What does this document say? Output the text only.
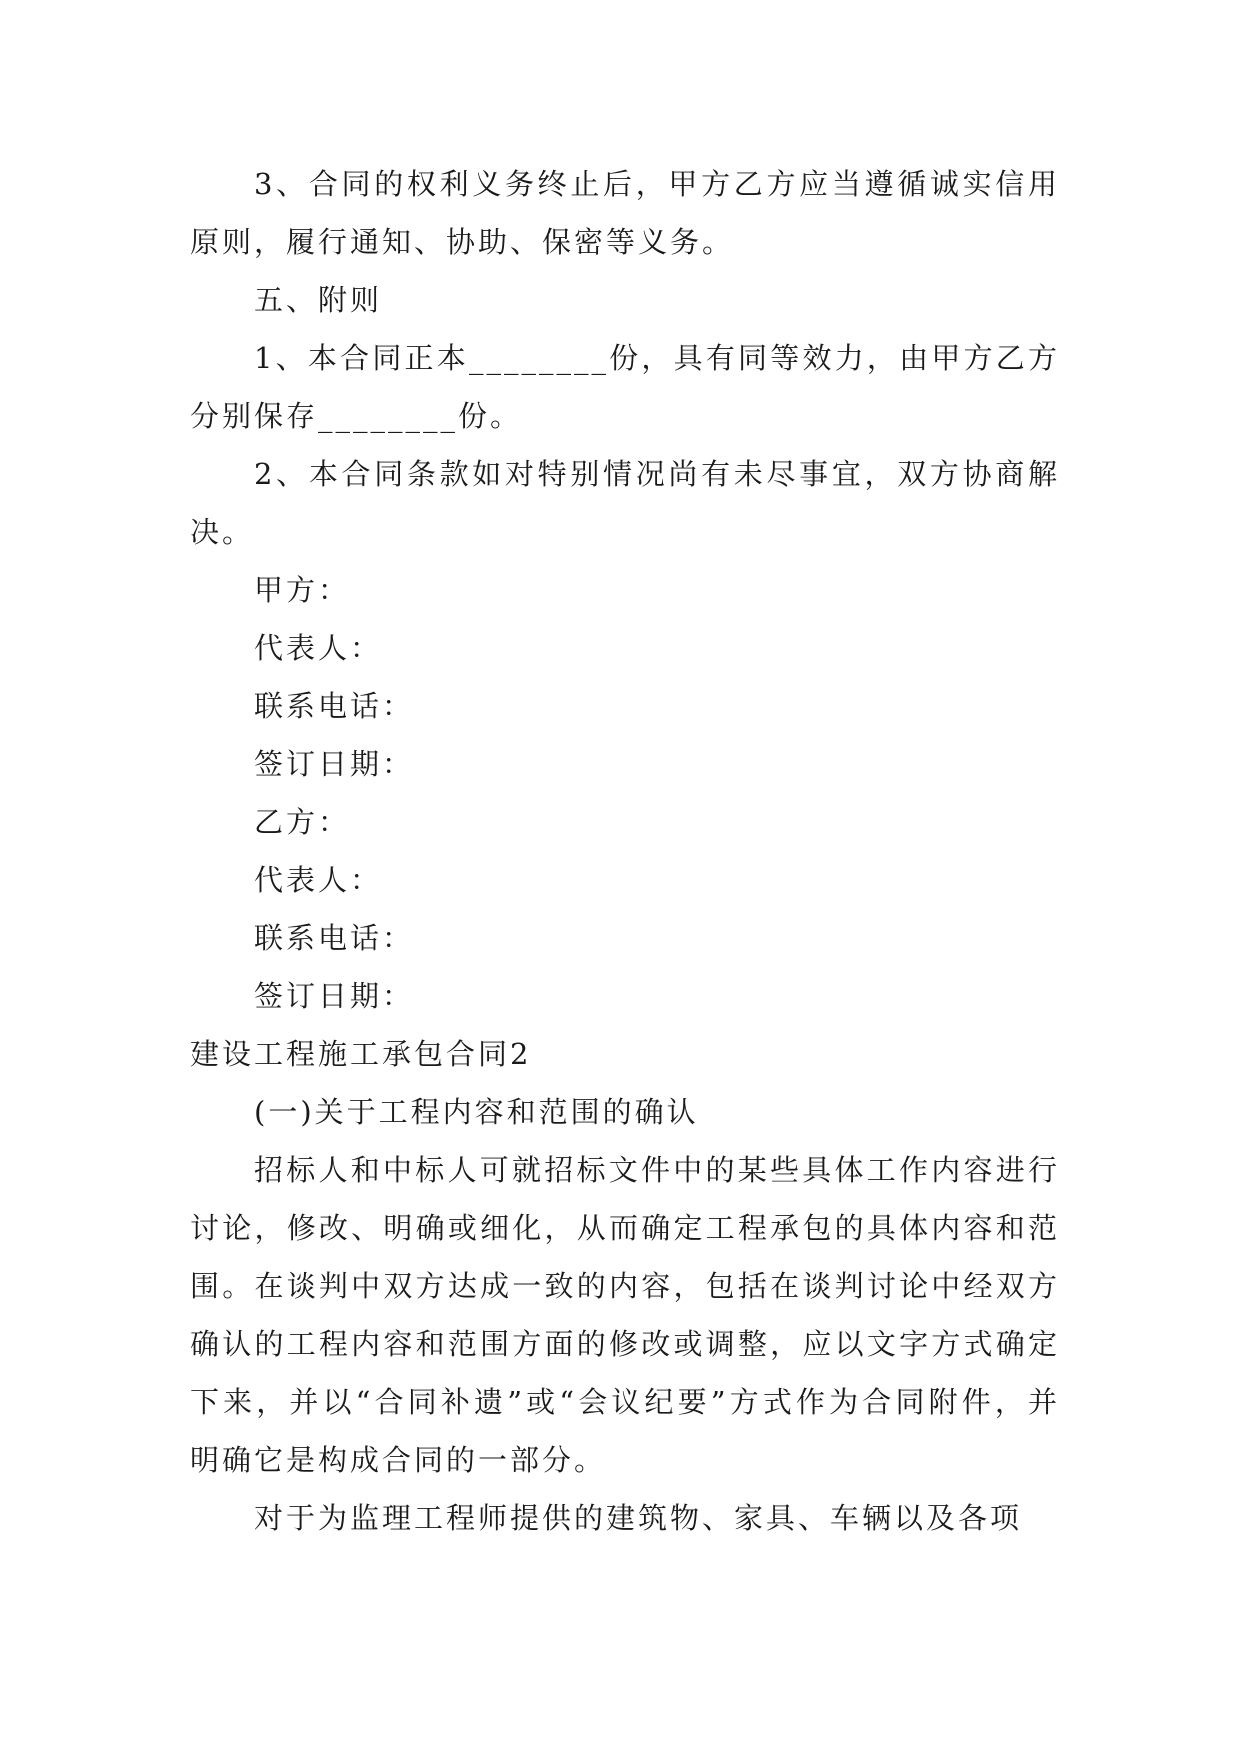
3、合同的权利义务终止后，甲方乙方应当遵循诚实信用原则，履行通知、协助、保密等义务。

五、附则

1、本合同正本________份，具有同等效力，由甲方乙方分别保存________份。

2、本合同条款如对特别情况尚有未尽事宜，双方协商解决。

甲方：

代表人：

联系电话：

签订日期：

乙方：

代表人：

联系电话：

签订日期：

建设工程施工承包合同2

(一)关于工程内容和范围的确认

招标人和中标人可就招标文件中的某些具体工作内容进行讨论，修改、明确或细化，从而确定工程承包的具体内容和范围。在谈判中双方达成一致的内容，包括在谈判讨论中经双方确认的工程内容和范围方面的修改或调整，应以文字方式确定下来，并以“合同补遗”或“会议纪要”方式作为合同附件，并明确它是构成合同的一部分。

对于为监理工程师提供的建筑物、家具、车辆以及各项
